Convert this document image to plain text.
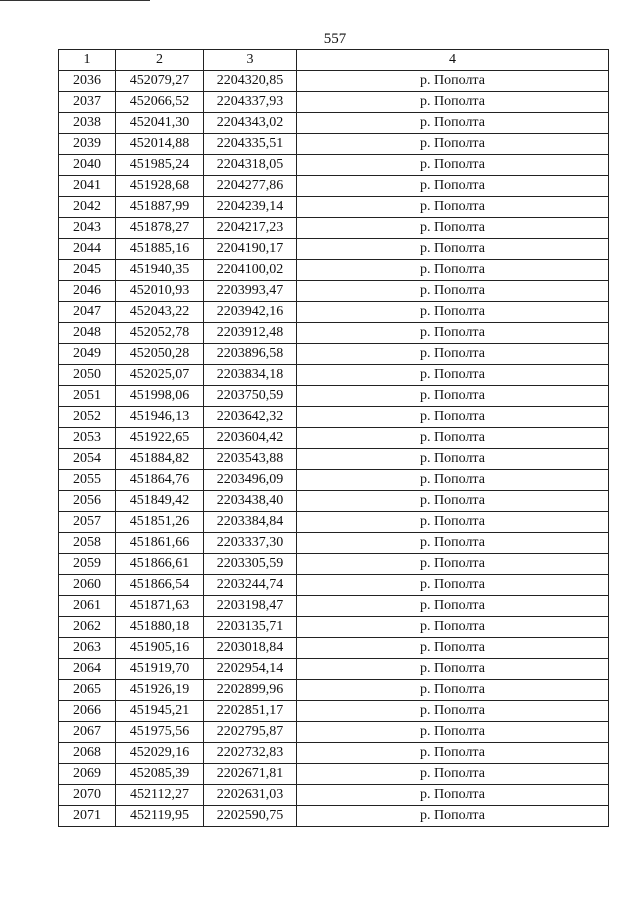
557
1	2	3	4
2036	452079,27	2204320,85	р. Пополта
2037	452066,52	2204337,93	р. Пополта
2038	452041,30	2204343,02	р. Пополта
2039	452014,88	2204335,51	р. Пополта
2040	451985,24	2204318,05	р. Пополта
2041	451928,68	2204277,86	р. Пополта
2042	451887,99	2204239,14	р. Пополта
2043	451878,27	2204217,23	р. Пополта
2044	451885,16	2204190,17	р. Пополта
2045	451940,35	2204100,02	р. Пополта
2046	452010,93	2203993,47	р. Пополта
2047	452043,22	2203942,16	р. Пополта
2048	452052,78	2203912,48	р. Пополта
2049	452050,28	2203896,58	р. Пополта
2050	452025,07	2203834,18	р. Пополта
2051	451998,06	2203750,59	р. Пополта
2052	451946,13	2203642,32	р. Пополта
2053	451922,65	2203604,42	р. Пополта
2054	451884,82	2203543,88	р. Пополта
2055	451864,76	2203496,09	р. Пополта
2056	451849,42	2203438,40	р. Пополта
2057	451851,26	2203384,84	р. Пополта
2058	451861,66	2203337,30	р. Пополта
2059	451866,61	2203305,59	р. Пополта
2060	451866,54	2203244,74	р. Пополта
2061	451871,63	2203198,47	р. Пополта
2062	451880,18	2203135,71	р. Пополта
2063	451905,16	2203018,84	р. Пополта
2064	451919,70	2202954,14	р. Пополта
2065	451926,19	2202899,96	р. Пополта
2066	451945,21	2202851,17	р. Пополта
2067	451975,56	2202795,87	р. Пополта
2068	452029,16	2202732,83	р. Пополта
2069	452085,39	2202671,81	р. Пополта
2070	452112,27	2202631,03	р. Пополта
2071	452119,95	2202590,75	р. Пополта
